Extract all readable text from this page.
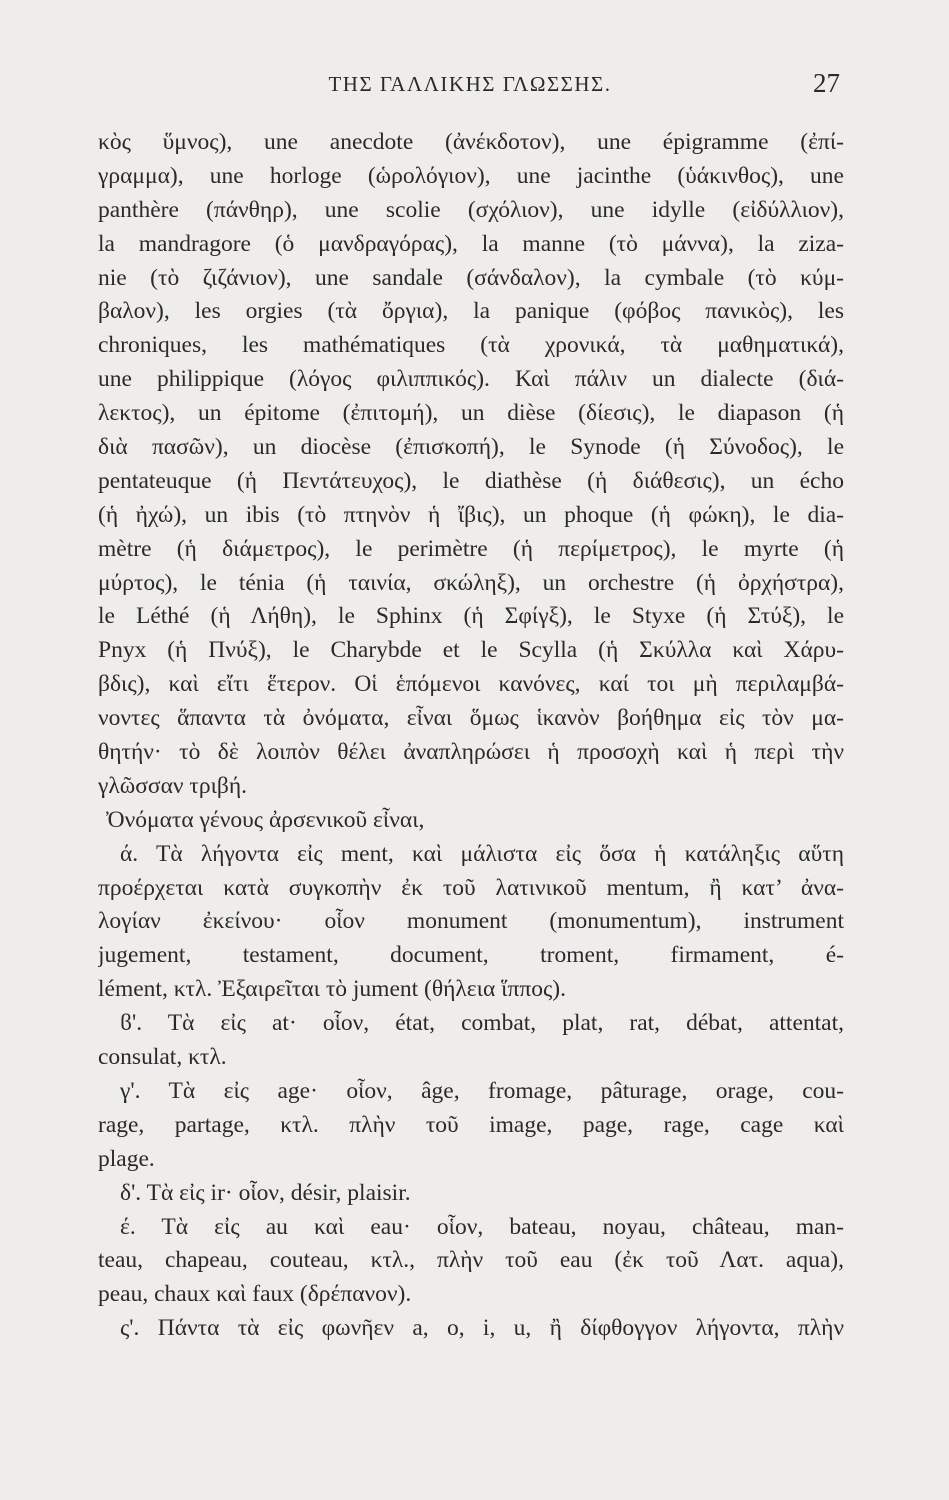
ΤΗΣ ΓΑΛΛΙΚΗΣ ΓΛΩΣΣΗΣ.	27
κὸς ὕμνος), une anecdote (ἀνέκδοτον), une épigramme (ἐπί-
γραμμα), une horloge (ὡρολόγιον), une jacinthe (ὑάκινθος), une
panthère (πάνθηρ), une scolie (σχόλιον), une idylle (εἰδύλλιον),
la mandragore (ὁ μανδραγόρας), la manne (τὸ μάννα), la ziza-
nie (τὸ ζιζάνιον), une sandale (σάνδαλον), la cymbale (τὸ κύμ-
βαλον), les orgies (τὰ ὄργια), la panique (φόβος πανικὸς), les
chroniques, les mathématiques (τὰ χρονικά, τὰ μαθηματικά),
une philippique (λόγος φιλιππικός). Καὶ πάλιν un dialecte (διά-
λεκτος), un épitome (ἐπιτομή), un dièse (δίεσις), le diapason (ἡ
διὰ πασῶν), un diocèse (ἐπισκοπή), le Synode (ἡ Σύνοδος), le
pentateuque (ἡ Πεντάτευχος), le diathèse (ἡ διάθεσις), un écho
(ἡ ἠχώ), un ibis (τὸ πτηνὸν ἡ ἴβις), un phoque (ἡ φώκη), le dia-
mètre (ἡ διάμετρος), le perimètre (ἡ περίμετρος), le myrte (ἡ
μύρτος), le ténia (ἡ ταινία, σκώληξ), un orchestre (ἡ ὀρχήστρα),
le Léthé (ἡ Λήθη), le Sphinx (ἡ Σφίγξ), le Styxe (ἡ Στύξ), le
Pnyx (ἡ Πνύξ), le Charybde et le Scylla (ἡ Σκύλλα καὶ Χάρυ-
βδις), καὶ εἴτι ἕτερον. Οἱ ἑπόμενοι κανόνες, καί τοι μὴ περιλαμβά-
νοντες ἅπαντα τὰ ὀνόματα, εἶναι ὅμως ἱκανὸν βοήθημα εἰς τὸν μα-
θητήν· τὸ δὲ λοιπὸν θέλει ἀναπληρώσει ἡ προσοχὴ καὶ ἡ περὶ τὴν
γλῶσσαν τριβή.
Ὀνόματα γένους ἀρσενικοῦ εἶναι,
ά. Τὰ λήγοντα εἰς ment, καὶ μάλιστα εἰς ὅσα ἡ κατάληξις αὕτη
προέρχεται κατὰ συγκοπὴν ἐκ τοῦ λατινικοῦ mentum, ἢ κατ’ ἀνα-
λογίαν ἐκείνου· οἷον monument (monumentum), instrument
jugement, testament, document, troment, firmament, é-
lément, κτλ. Ἐξαιρεῖται τὸ jument (θήλεια ἵππος).
ϐ'. Τὰ εἰς at· οἷον, état, combat, plat, rat, débat, attentat,
consulat, κτλ.
γ'. Τὰ εἰς age· οἷον, âge, fromage, pâturage, orage, cou-
rage, partage, κτλ. πλὴν τοῦ image, page, rage, cage καὶ
plage.
δ'. Τὰ εἰς ir· οἷον, désir, plaisir.
έ. Τὰ εἰς au καὶ eau· οἷον, bateau, noyau, château, man-
teau, chapeau, couteau, κτλ., πλὴν τοῦ eau (ἐκ τοῦ Λατ. aqua),
peau, chaux καὶ faux (δρέπανον).
ς'. Πάντα τὰ εἰς φωνῆεν a, o, i, u, ἢ δίφθογγον λήγοντα, πλὴν
